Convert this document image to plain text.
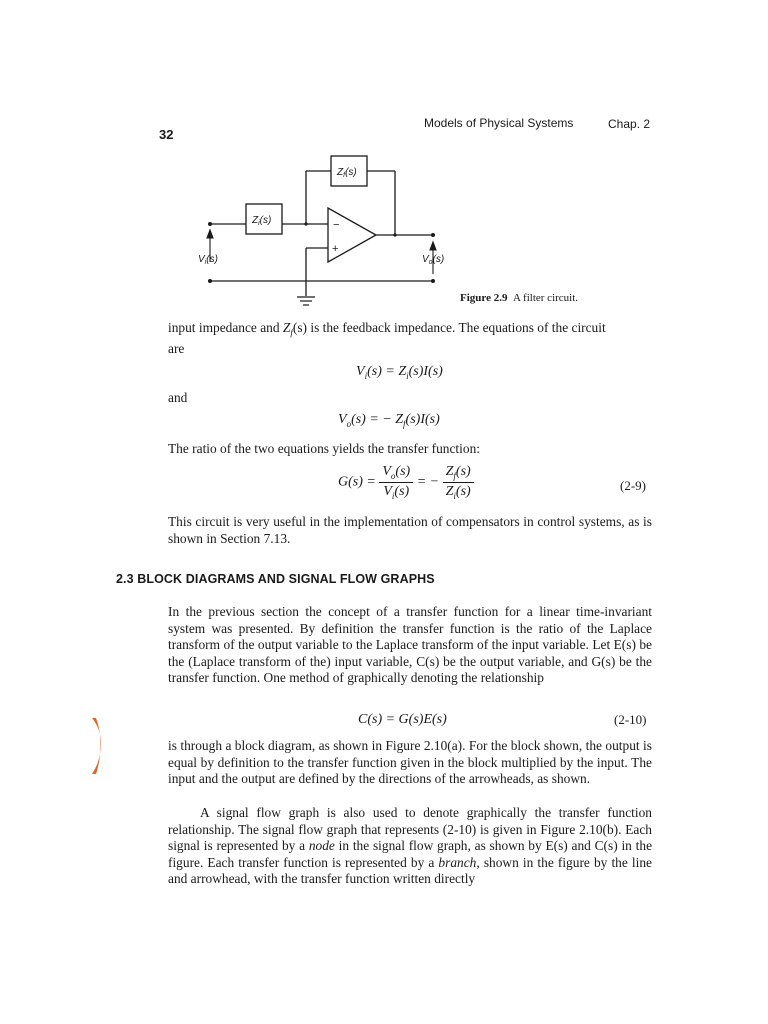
32
Models of Physical Systems	Chap. 2
−
+
$Z_f(s)$
$Z_i(s)$
$V_i(s)$	$V_o(s)$
Figure 2.9 A filter circuit.
input impedance and $Z_f(s)$ is the feedback impedance. The equations of the circuit
are
$V_i(s) = Z_i(s)I(s)$
and
$V_o(s)$ = − $Z_f(s)I(s)$
The ratio of the two equations yields the transfer function:
$G(s) = \frac{V_o(s)}{V_i(s)}$ = − $\frac{Z_f(s)}{Z_i(s)}$	(2-9)
This circuit is very useful in the implementation of compensators in control systems, as is shown in Section 7.13.
2.3 BLOCK DIAGRAMS AND SIGNAL FLOW GRAPHS
In the previous section the concept of a transfer function for a linear time-invariant system was presented. By definition the transfer function is the ratio of the Laplace transform of the output variable to the Laplace transform of the input variable. Let E(s) be the (Laplace transform of the) input variable, C(s) be the output variable, and G(s) be the transfer function. One method of graphically denoting the relationship
C(s) = G(s)E(s)	(2-10)
is through a block diagram, as shown in Figure 2.10(a). For the block shown, the output is equal by definition to the transfer function given in the block multiplied by the input. The input and the output are defined by the directions of the arrowheads, as shown.
A signal flow graph is also used to denote graphically the transfer function relationship. The signal flow graph that represents (2-10) is given in Figure 2.10(b). Each signal is represented by a node in the signal flow graph, as shown by E(s) and C(s) in the figure. Each transfer function is represented by a branch, shown in the figure by the line and arrowhead, with the transfer function written directly
